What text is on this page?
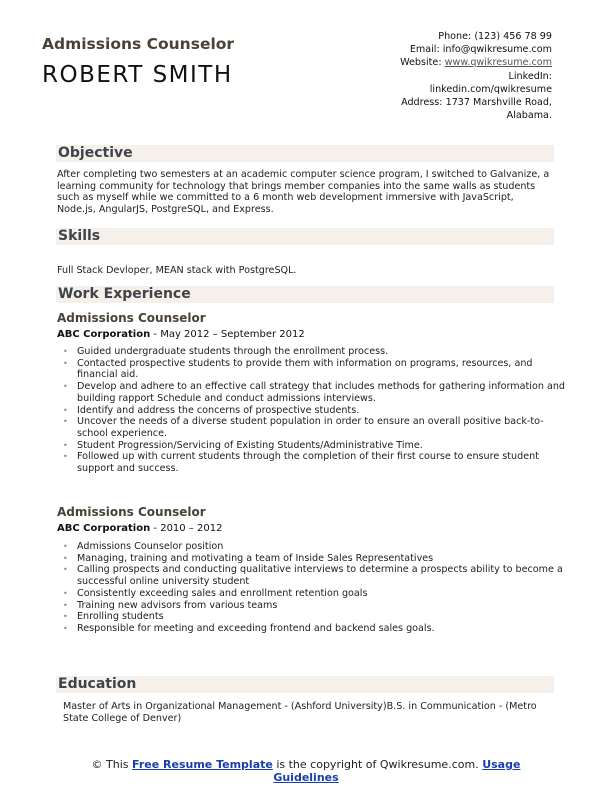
Admissions Counselor
ROBERT SMITH
Phone: (123) 456 78 99
Email: info@qwikresume.com
Website: www.qwikresume.com
LinkedIn:
linkedin.com/qwikresume
Address: 1737 Marshville Road, Alabama.
Objective
After completing two semesters at an academic computer science program, I switched to Galvanize, a learning community for technology that brings member companies into the same walls as students such as myself while we committed to a 6 month web development immersive with JavaScript, Node.js, AngularJS, PostgreSQL, and Express.
Skills
Full Stack Devloper, MEAN stack with PostgreSQL.
Work Experience
Admissions Counselor
ABC Corporation - May 2012 – September 2012
• Guided undergraduate students through the enrollment process.
• Contacted prospective students to provide them with information on programs, resources, and financial aid.
• Develop and adhere to an effective call strategy that includes methods for gathering information and building rapport Schedule and conduct admissions interviews.
• Identify and address the concerns of prospective students.
• Uncover the needs of a diverse student population in order to ensure an overall positive back-to-school experience.
• Student Progression/Servicing of Existing Students/Administrative Time.
• Followed up with current students through the completion of their first course to ensure student support and success.
Admissions Counselor
ABC Corporation - 2010 – 2012
• Admissions Counselor position
• Managing, training and motivating a team of Inside Sales Representatives
• Calling prospects and conducting qualitative interviews to determine a prospects ability to become a successful online university student
• Consistently exceeding sales and enrollment retention goals
• Training new advisors from various teams
• Enrolling students
• Responsible for meeting and exceeding frontend and backend sales goals.
Education
Master of Arts in Organizational Management - (Ashford University)B.S. in Communication - (Metro State College of Denver)
© This Free Resume Template is the copyright of Qwikresume.com. Usage Guidelines
